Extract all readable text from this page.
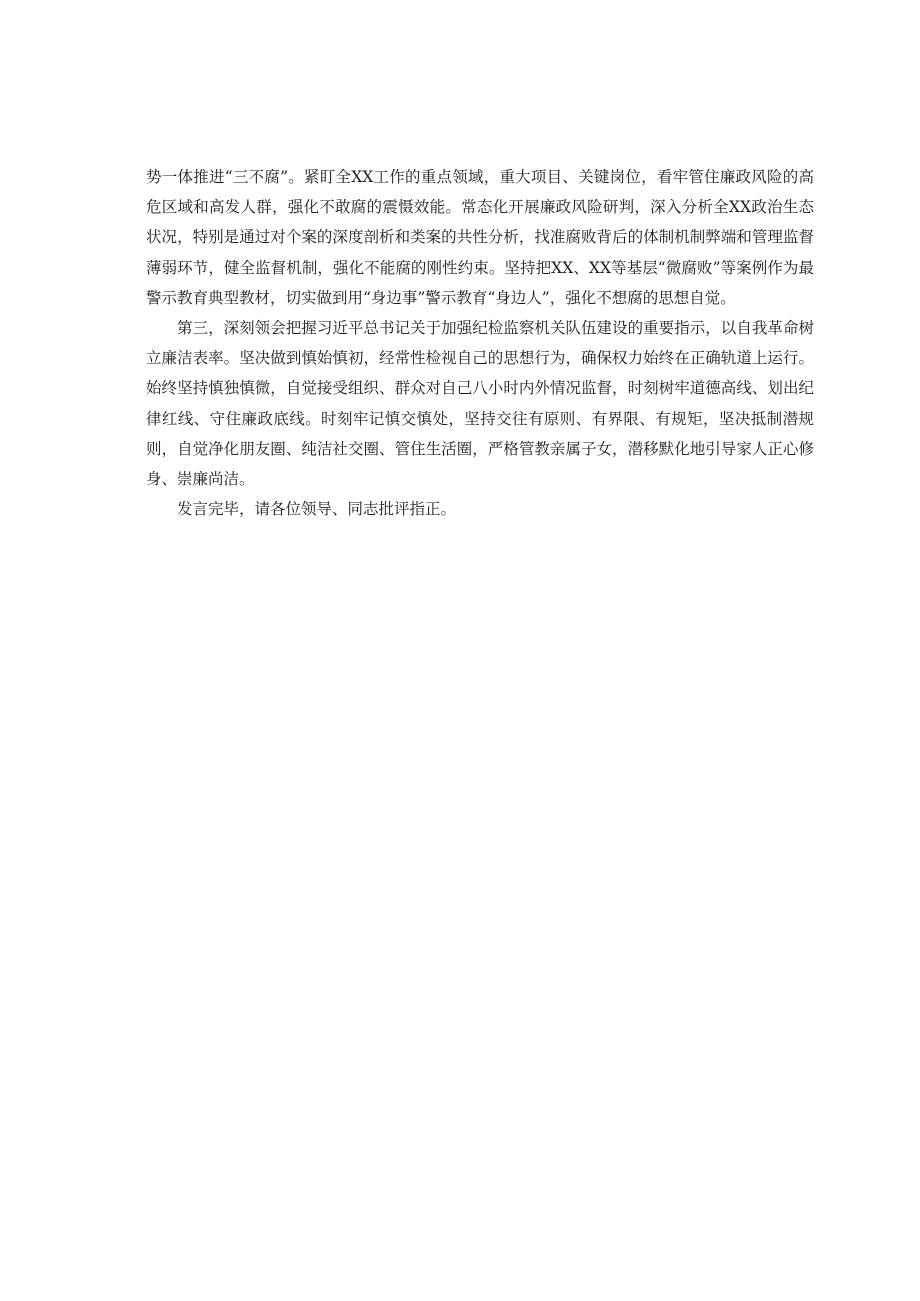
势一体推进“三不腐”。紧盯全XX工作的重点领域，重大项目、关键岗位，看牢管住廉政风险的高危区域和高发人群，强化不敢腐的震慑效能。常态化开展廉政风险研判，深入分析全XX政治生态状况，特别是通过对个案的深度剖析和类案的共性分析，找准腐败背后的体制机制弊端和管理监督薄弱环节，健全监督机制，强化不能腐的刚性约束。坚持把XX、XX等基层“微腐败”等案例作为最警示教育典型教材，切实做到用“身边事”警示教育“身边人”，强化不想腐的思想自觉。

第三，深刻领会把握习近平总书记关于加强纪检监察机关队伍建设的重要指示，以自我革命树立廉洁表率。坚决做到慎始慎初，经常性检视自己的思想行为，确保权力始终在正确轨道上运行。始终坚持慎独慎微，自觉接受组织、群众对自己八小时内外情况监督，时刻树牢道德高线、划出纪律红线、守住廉政底线。时刻牢记慎交慎处，坚持交往有原则、有界限、有规矩，坚决抵制潜规则，自觉净化朋友圈、纯洁社交圈、管住生活圈，严格管教亲属子女，潜移默化地引导家人正心修身、崇廉尚洁。

发言完毕，请各位领导、同志批评指正。
